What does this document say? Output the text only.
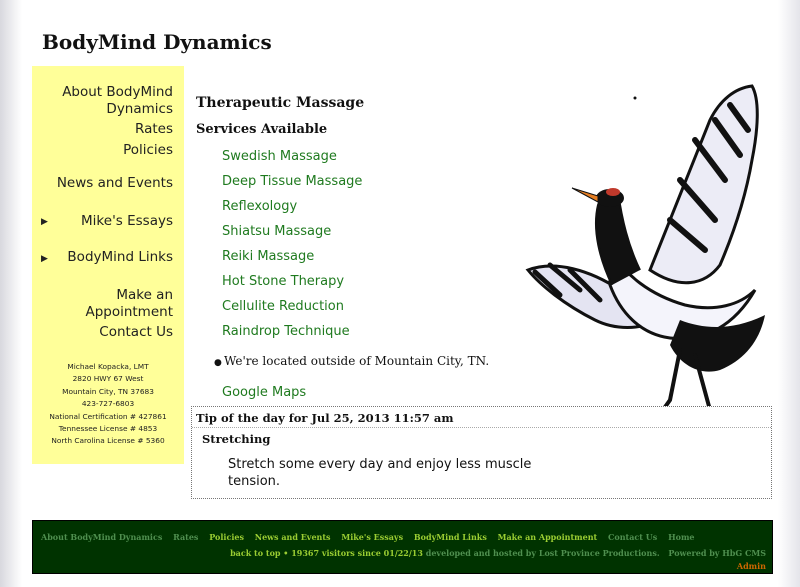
BodyMind Dynamics
About BodyMind Dynamics
Rates
Policies
News and Events
▶ Mike's Essays
▶ BodyMind Links
Make an Appointment
Contact Us
Michael Kopacka, LMT
2820 HWY 67 West
Mountain City, TN 37683
423-727-6803
National Certification # 427861
Tennessee License # 4853
North Carolina License # 5360
Therapeutic Massage
Services Available
Swedish Massage
Deep Tissue Massage
Reflexology
Shiatsu Massage
Reiki Massage
Hot Stone Therapy
Cellulite Reduction
Raindrop Technique
● We're located outside of Mountain City, TN.
Google Maps
Tip of the day for Jul 25, 2013 11:57 am
Stretching
Stretch some every day and enjoy less muscle tension.
About BodyMind Dynamics Rates Policies News and Events Mike's Essays BodyMind Links Make an Appointment Contact Us Home
back to top • 19367 visitors since 01/22/13 developed and hosted by Lost Province Productions. Powered by HbG CMS
Admin
